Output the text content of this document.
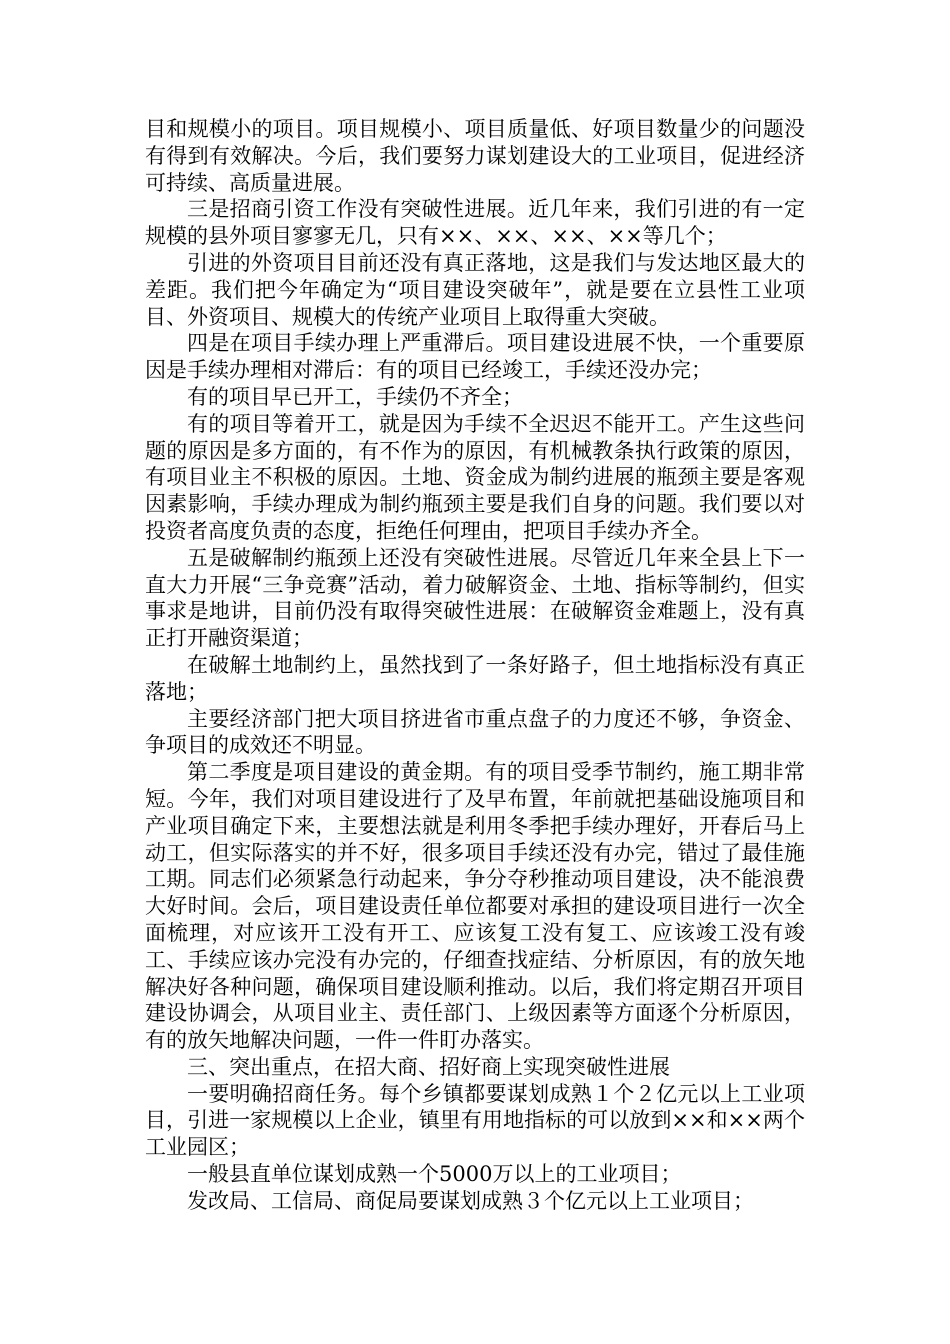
目和规模小的项目。项目规模小、项目质量低、好项目数量少的问题没有得到有效解决。今后，我们要努力谋划建设大的工业项目，促进经济可持续、高质量进展。

三是招商引资工作没有突破性进展。近几年来，我们引进的有一定规模的县外项目寥寥无几，只有××、××、××、××等几个；

引进的外资项目目前还没有真正落地，这是我们与发达地区最大的差距。我们把今年确定为“项目建设突破年”，就是要在立县性工业项目、外资项目、规模大的传统产业项目上取得重大突破。

四是在项目手续办理上严重滞后。项目建设进展不快，一个重要原因是手续办理相对滞后：有的项目已经竣工，手续还没办完；

有的项目早已开工，手续仍不齐全；

有的项目等着开工，就是因为手续不全迟迟不能开工。产生这些问题的原因是多方面的，有不作为的原因，有机械教条执行政策的原因，有项目业主不积极的原因。土地、资金成为制约进展的瓶颈主要是客观因素影响，手续办理成为制约瓶颈主要是我们自身的问题。我们要以对投资者高度负责的态度，拒绝任何理由，把项目手续办齐全。

五是破解制约瓶颈上还没有突破性进展。尽管近几年来全县上下一直大力开展“三争竞赛”活动，着力破解资金、土地、指标等制约，但实事求是地讲，目前仍没有取得突破性进展：在破解资金难题上，没有真正打开融资渠道；

在破解土地制约上，虽然找到了一条好路子，但土地指标没有真正落地；

主要经济部门把大项目挤进省市重点盘子的力度还不够，争资金、争项目的成效还不明显。

第二季度是项目建设的黄金期。有的项目受季节制约，施工期非常短。今年，我们对项目建设进行了及早布置，年前就把基础设施项目和产业项目确定下来，主要想法就是利用冬季把手续办理好，开春后马上动工，但实际落实的并不好，很多项目手续还没有办完，错过了最佳施工期。同志们必须紧急行动起来，争分夺秒推动项目建设，决不能浪费大好时间。会后，项目建设责任单位都要对承担的建设项目进行一次全面梳理，对应该开工没有开工、应该复工没有复工、应该竣工没有竣工、手续应该办完没有办完的，仔细查找症结、分析原因，有的放矢地解决好各种问题，确保项目建设顺利推动。以后，我们将定期召开项目建设协调会，从项目业主、责任部门、上级因素等方面逐个分析原因，有的放矢地解决问题，一件一件盯办落实。

三、突出重点，在招大商、招好商上实现突破性进展

一要明确招商任务。每个乡镇都要谋划成熟１个２亿元以上工业项目，引进一家规模以上企业，镇里有用地指标的可以放到××和××两个工业园区；

一般县直单位谋划成熟一个5000万以上的工业项目；

发改局、工信局、商促局要谋划成熟３个亿元以上工业项目；
